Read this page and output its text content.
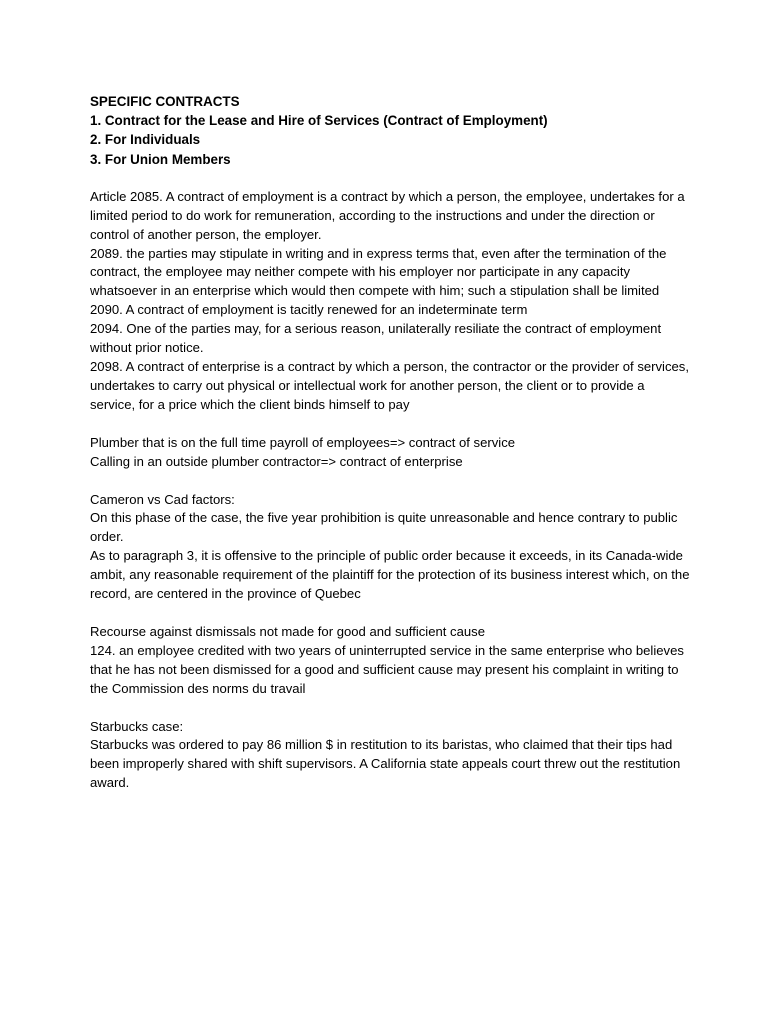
SPECIFIC CONTRACTS

1. Contract for the Lease and Hire of Services (Contract of Employment)

2. For Individuals

3. For Union Members

Article 2085. A contract of employment is a contract by which a person, the employee, undertakes for a limited period to do work for remuneration, according to the instructions and under the direction or control of another person, the employer.

2089. the parties may stipulate in writing and in express terms that, even after the termination of the contract, the employee may neither compete with his employer nor participate in any capacity whatsoever in an enterprise which would then compete with him; such a stipulation shall be limited

2090. A contract of employment is tacitly renewed for an indeterminate term

2094. One of the parties may, for a serious reason, unilaterally resiliate the contract of employment without prior notice.

2098. A contract of enterprise is a contract by which a person, the contractor or the provider of services, undertakes to carry out physical or intellectual work for another person, the client or to provide a service, for a price which the client binds himself to pay

Plumber that is on the full time payroll of employees=> contract of service

Calling in an outside plumber contractor=> contract of enterprise

Cameron vs Cad factors:

On this phase of the case, the five year prohibition is quite unreasonable and hence contrary to public order.

As to paragraph 3, it is offensive to the principle of public order because it exceeds, in its Canada-wide ambit, any reasonable requirement of the plaintiff for the protection of its business interest which, on the record, are centered in the province of Quebec

Recourse against dismissals not made for good and sufficient cause

124. an employee credited with two years of uninterrupted service in the same enterprise who believes that he has not been dismissed for a good and sufficient cause may present his complaint in writing to the Commission des norms du travail

Starbucks case:

Starbucks was ordered to pay 86 million $ in restitution to its baristas, who claimed that their tips had been improperly shared with shift supervisors. A California state appeals court threw out the restitution award.
